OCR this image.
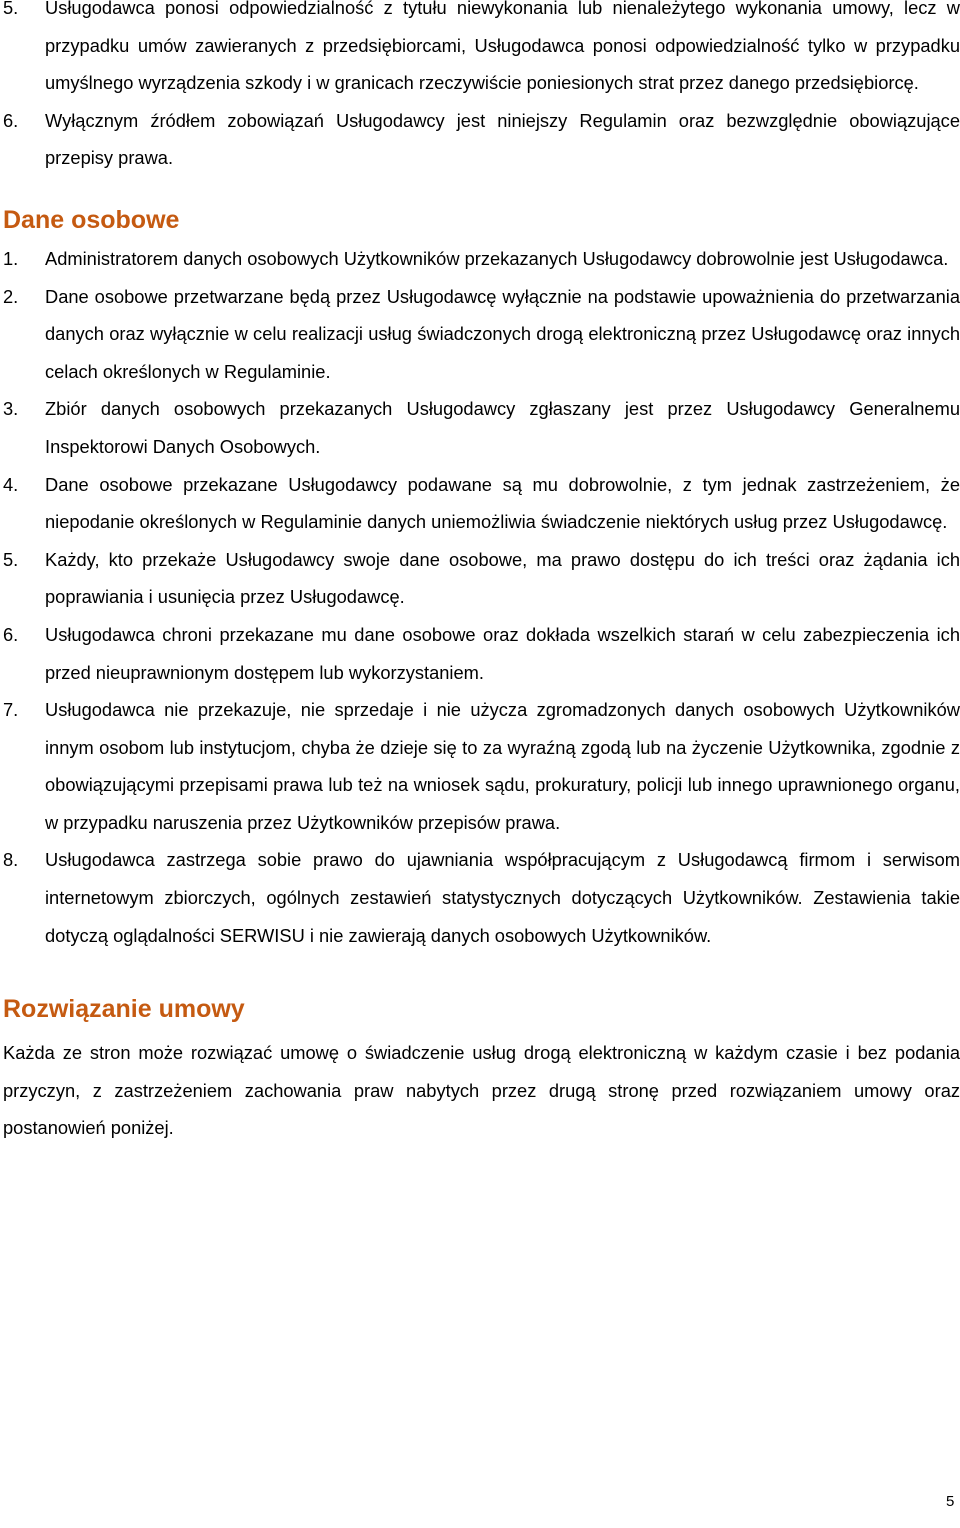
5. Usługodawca ponosi odpowiedzialność z tytułu niewykonania lub nienależytego wykonania umowy, lecz w przypadku umów zawieranych z przedsiębiorcami, Usługodawca ponosi odpowiedzialność tylko w przypadku umyślnego wyrządzenia szkody i w granicach rzeczywiście poniesionych strat przez danego przedsiębiorcę.
6. Wyłącznym źródłem zobowiązań Usługodawcy jest niniejszy Regulamin oraz bezwzględnie obowiązujące przepisy prawa.
Dane osobowe
1. Administratorem danych osobowych Użytkowników przekazanych Usługodawcy dobrowolnie jest Usługodawca.
2. Dane osobowe przetwarzane będą przez Usługodawcę wyłącznie na podstawie upoważnienia do przetwarzania danych oraz wyłącznie w celu realizacji usług świadczonych drogą elektroniczną przez Usługodawcę oraz innych celach określonych w Regulaminie.
3. Zbiór danych osobowych przekazanych Usługodawcy zgłaszany jest przez Usługodawcy Generalnemu Inspektorowi Danych Osobowych.
4. Dane osobowe przekazane Usługodawcy podawane są mu dobrowolnie, z tym jednak zastrzeżeniem, że niepodanie określonych w Regulaminie danych uniemożliwia świadczenie niektórych usług przez Usługodawcę.
5. Każdy, kto przekaże Usługodawcy swoje dane osobowe, ma prawo dostępu do ich treści oraz żądania ich poprawiania i usunięcia przez Usługodawcę.
6. Usługodawca chroni przekazane mu dane osobowe oraz dokłada wszelkich starań w celu zabezpieczenia ich przed nieuprawnionym dostępem lub wykorzystaniem.
7. Usługodawca nie przekazuje, nie sprzedaje i nie użycza zgromadzonych danych osobowych Użytkowników innym osobom lub instytucjom, chyba że dzieje się to za wyraźną zgodą lub na życzenie Użytkownika, zgodnie z obowiązującymi przepisami prawa lub też na wniosek sądu, prokuratury, policji lub innego uprawnionego organu, w przypadku naruszenia przez Użytkowników przepisów prawa.
8. Usługodawca zastrzega sobie prawo do ujawniania współpracującym z Usługodawcą firmom i serwisom internetowym zbiorczych, ogólnych zestawień statystycznych dotyczących Użytkowników. Zestawienia takie dotyczą oglądalności SERWISU i nie zawierają danych osobowych Użytkowników.
Rozwiązanie umowy

Każda ze stron może rozwiązać umowę o świadczenie usług drogą elektroniczną w każdym czasie i bez podania przyczyn, z zastrzeżeniem zachowania praw nabytych przez drugą stronę przed rozwiązaniem umowy oraz postanowień poniżej.

5
